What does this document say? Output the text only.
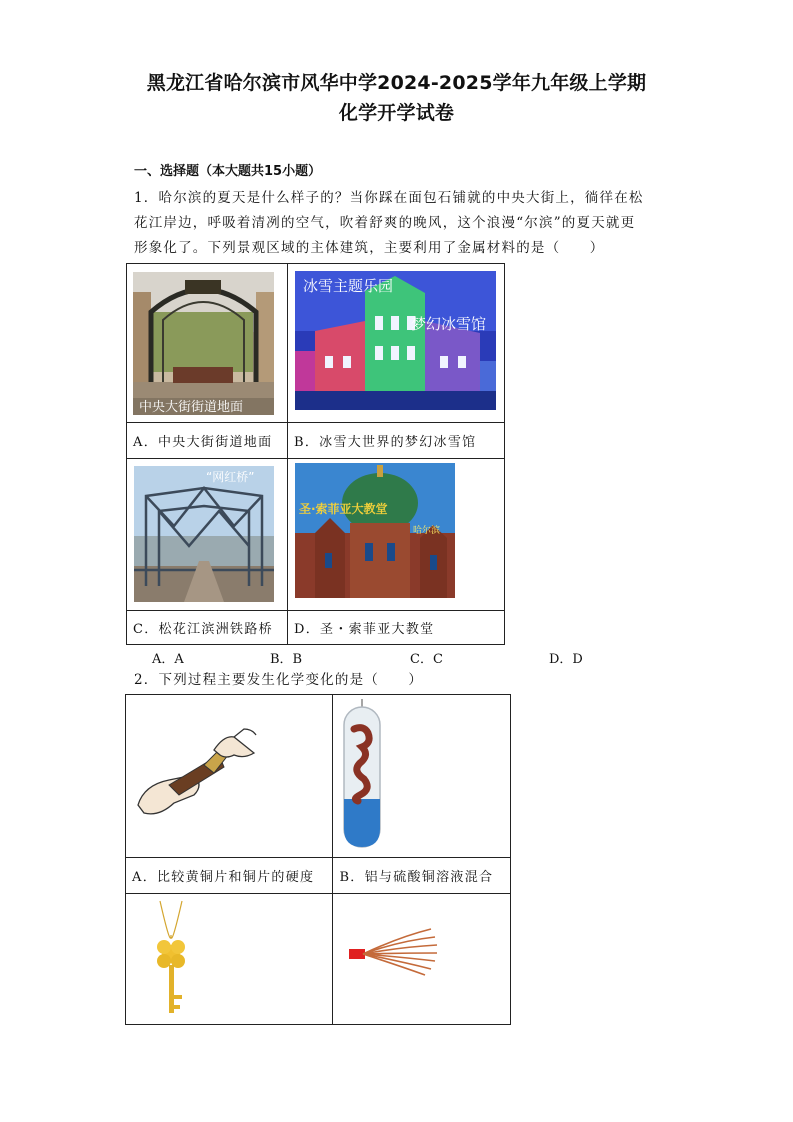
黑龙江省哈尔滨市风华中学2024-2025学年九年级上学期
化学开学试卷
一、选择题（本大题共15小题）
1．哈尔滨的夏天是什么样子的？当你踩在面包石铺就的中央大街上，徜徉在松
花江岸边，呼吸着清冽的空气，吹着舒爽的晚风，这个浪漫“尔滨”的夏天就更
形象化了。下列景观区域的主体建筑，主要利用了金属材料的是（　　）
中央大街街道地面	冰雪主题乐园
梦幻冰雪馆

A．中央大街街道地面	B．冰雪大世界的梦幻冰雪馆

“网红桥”	圣·索菲亚大教堂
哈尔滨

C．松花江滨洲铁路桥	D．圣・索菲亚大教堂
A．A	B．B	C．C	D．D
2．下列过程主要发生化学变化的是（　　）

A．比较黄铜片和铜片的硬度	B．铝与硫酸铜溶液混合
